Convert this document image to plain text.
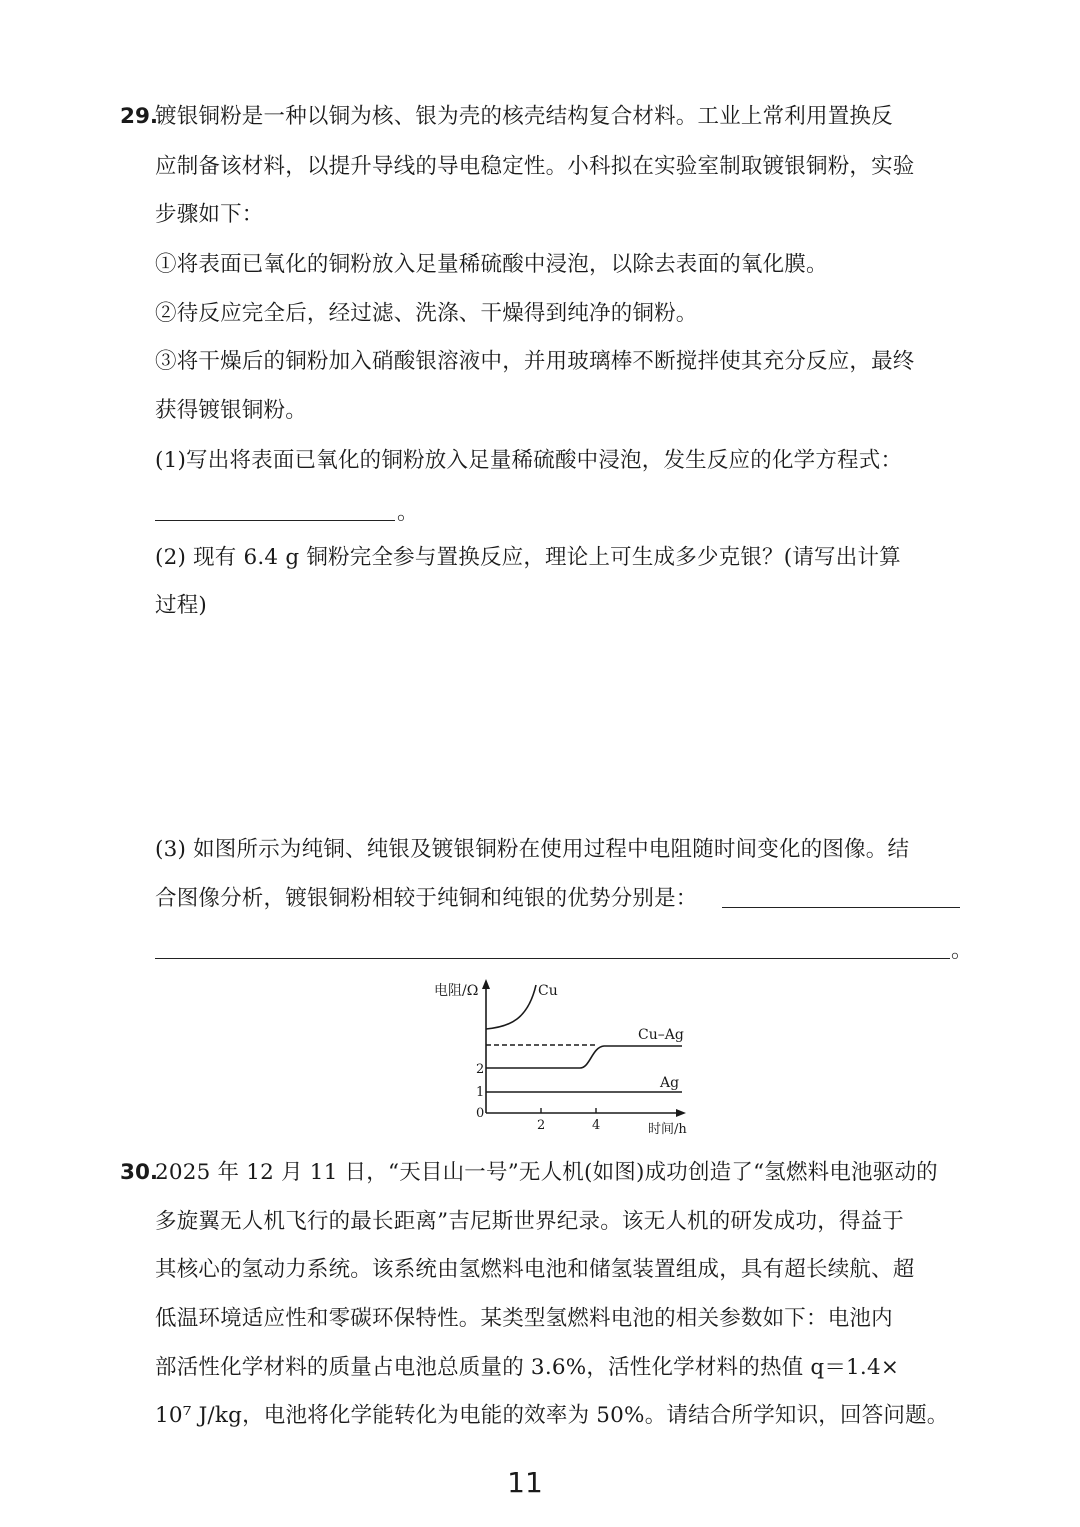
29.
镀银铜粉是一种以铜为核、银为壳的核壳结构复合材料。工业上常利用置换反
应制备该材料，以提升导线的导电稳定性。小科拟在实验室制取镀银铜粉，实验
步骤如下：
①将表面已氧化的铜粉放入足量稀硫酸中浸泡，以除去表面的氧化膜。
②待反应完全后，经过滤、洗涤、干燥得到纯净的铜粉。
③将干燥后的铜粉加入硝酸银溶液中，并用玻璃棒不断搅拌使其充分反应，最终
获得镀银铜粉。
(1)写出将表面已氧化的铜粉放入足量稀硫酸中浸泡，发生反应的化学方程式：
。
(2) 现有 6.4 g 铜粉完全参与置换反应，理论上可生成多少克银？(请写出计算
过程)
(3) 如图所示为纯铜、纯银及镀银铜粉在使用过程中电阻随时间变化的图像。结
合图像分析，镀银铜粉相较于纯铜和纯银的优势分别是：
。
电阻/Ω	Cu
Cu–Ag
Ag
2
1
0
2	4	时间/h
30.
2025 年 12 月 11 日，“天目山一号”无人机(如图)成功创造了“氢燃料电池驱动的
多旋翼无人机飞行的最长距离”吉尼斯世界纪录。该无人机的研发成功，得益于
其核心的氢动力系统。该系统由氢燃料电池和储氢装置组成，具有超长续航、超
低温环境适应性和零碳环保特性。某类型氢燃料电池的相关参数如下：电池内
部活性化学材料的质量占电池总质量的 3.6%，活性化学材料的热值 q＝1.4×
10⁷ J/kg，电池将化学能转化为电能的效率为 50%。请结合所学知识，回答问题。
11
